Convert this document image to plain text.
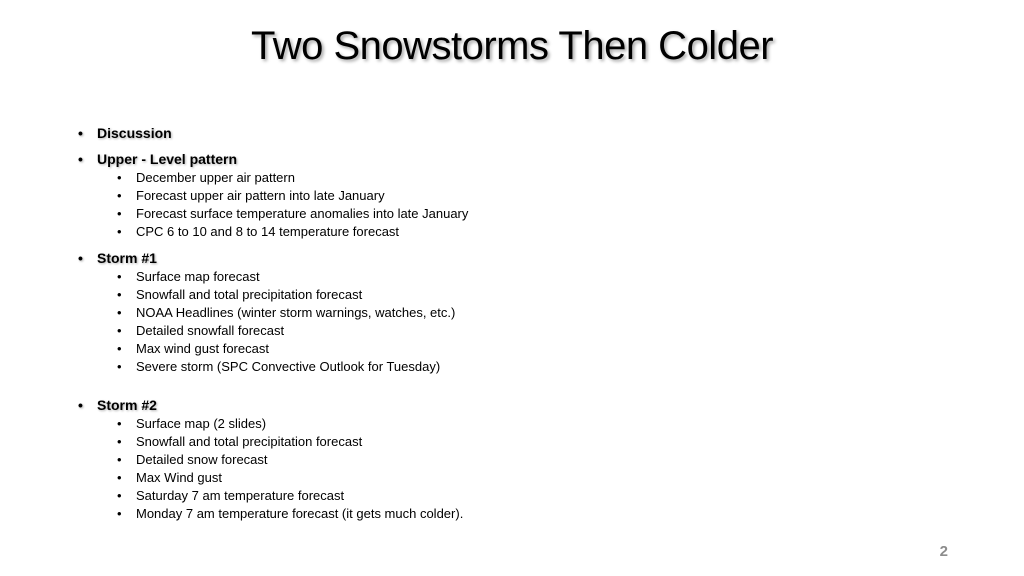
Two Snowstorms Then Colder
• Discussion
• Upper - Level pattern
• December upper air pattern
• Forecast upper air pattern into late January
• Forecast surface temperature anomalies into late January
• CPC 6 to 10 and 8 to 14 temperature forecast
• Storm #1
• Surface map forecast
• Snowfall and total precipitation forecast
• NOAA Headlines (winter storm warnings, watches, etc.)
• Detailed snowfall forecast
• Max wind gust forecast
• Severe storm (SPC Convective Outlook for Tuesday)
• Storm #2
• Surface map (2 slides)
• Snowfall and total precipitation forecast
• Detailed snow forecast
• Max Wind gust
• Saturday 7 am temperature forecast
• Monday 7 am temperature forecast (it gets much colder).
2
